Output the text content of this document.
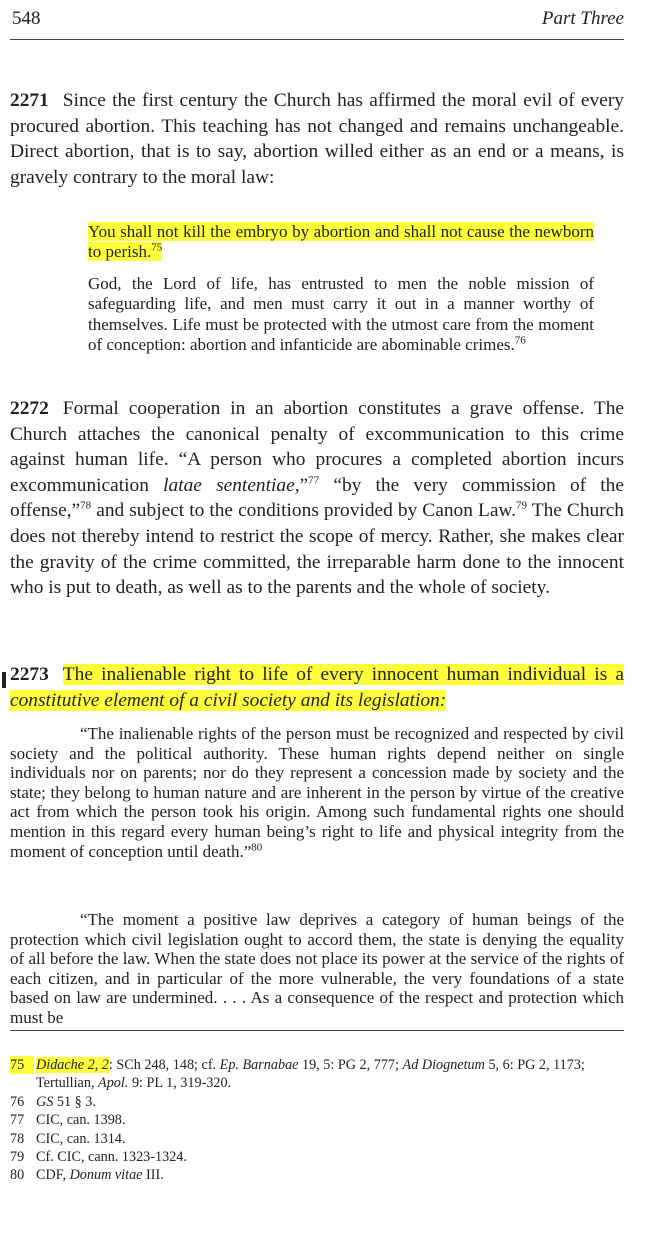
548	Part Three
2271 Since the first century the Church has affirmed the moral evil of every procured abortion. This teaching has not changed and remains unchangeable. Direct abortion, that is to say, abortion willed either as an end or a means, is gravely contrary to the moral law:
You shall not kill the embryo by abortion and shall not cause the newborn to perish.$^{75}$
God, the Lord of life, has entrusted to men the noble mission of safeguarding life, and men must carry it out in a manner worthy of themselves. Life must be protected with the utmost care from the moment of conception: abortion and infanticide are abominable crimes.$^{76}$
2272 Formal cooperation in an abortion constitutes a grave offense. The Church attaches the canonical penalty of excommunication to this crime against human life. “A person who procures a completed abortion incurs excommunication latae sententiae,”$^{77}$ “by the very commission of the offense,”$^{78}$ and subject to the conditions provided by Canon Law.$^{79}$ The Church does not thereby intend to restrict the scope of mercy. Rather, she makes clear the gravity of the crime committed, the irreparable harm done to the innocent who is put to death, as well as to the parents and the whole of society.
2273 The inalienable right to life of every innocent human individual is a constitutive element of a civil society and its legislation:
“The inalienable rights of the person must be recognized and respected by civil society and the political authority. These human rights depend neither on single individuals nor on parents; nor do they represent a concession made by society and the state; they belong to human nature and are inherent in the person by virtue of the creative act from which the person took his origin. Among such fundamental rights one should mention in this regard every human being’s right to life and physical integrity from the moment of conception until death.”$^{80}$
“The moment a positive law deprives a category of human beings of the protection which civil legislation ought to accord them, the state is denying the equality of all before the law. When the state does not place its power at the service of the rights of each citizen, and in particular of the more vulnerable, the very foundations of a state based on law are undermined. . . . As a consequence of the respect and protection which must be
75 Didache 2, 2: SCh 248, 148; cf. Ep. Barnabae 19, 5: PG 2, 777; Ad Diognetum 5, 6: PG 2, 1173; Tertullian, Apol. 9: PL 1, 319-320.
76 GS 51 § 3.
77 CIC, can. 1398.
78 CIC, can. 1314.
79 Cf. CIC, cann. 1323-1324.
80 CDF, Donum vitae III.
